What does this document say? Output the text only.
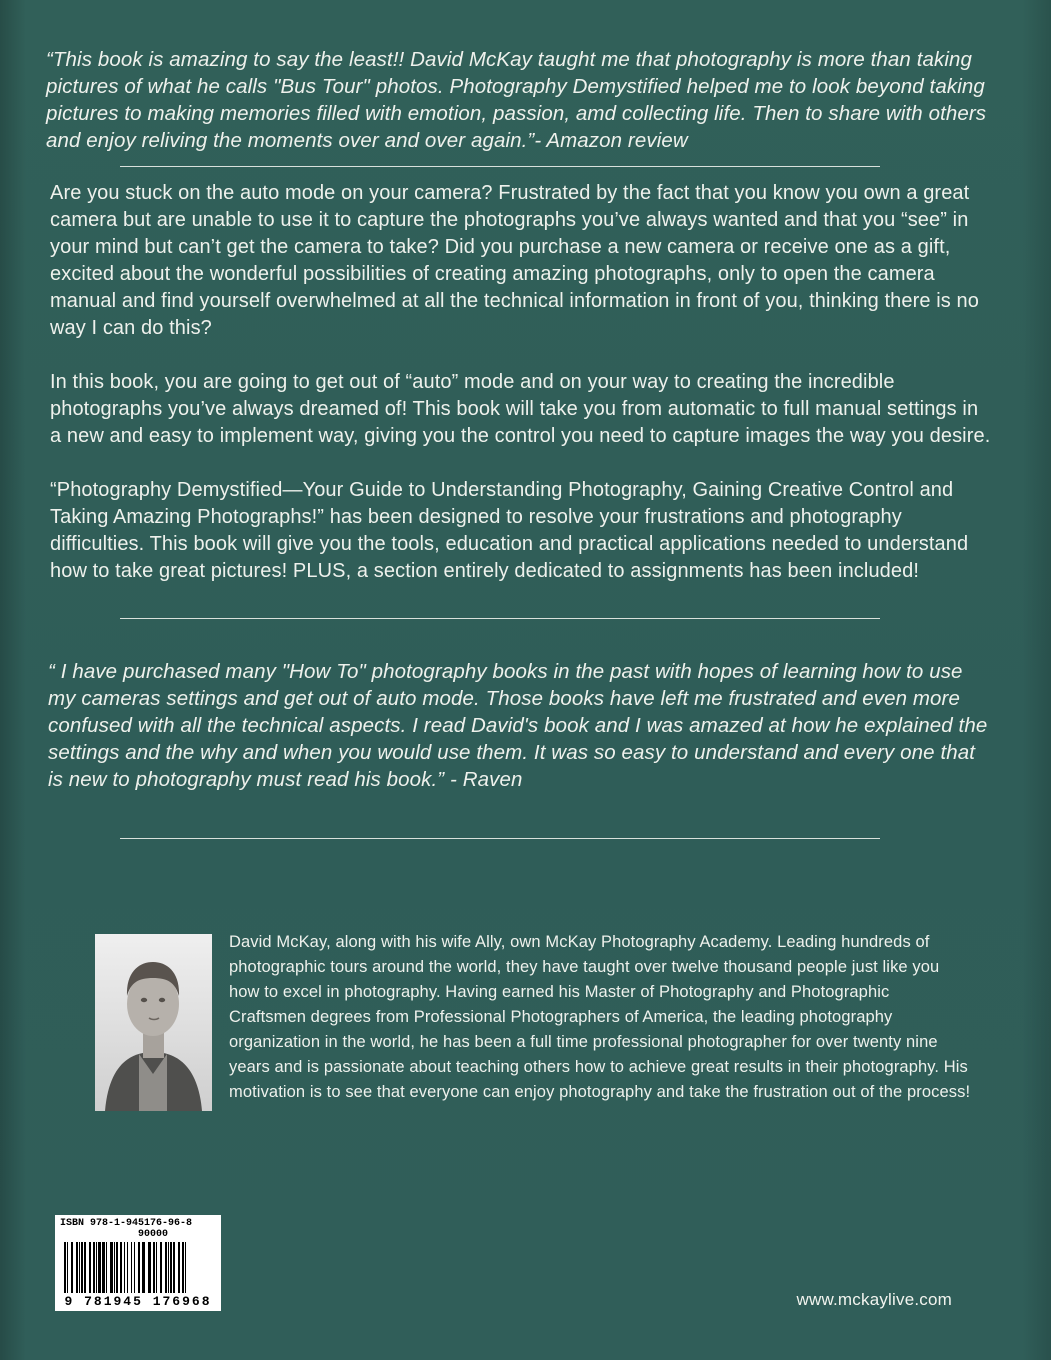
“This book is amazing to say the least!! David McKay taught me that photography is more than taking pictures of what he calls "Bus Tour" photos. Photography Demystified helped me to look beyond taking pictures to making memories filled with emotion, passion, amd collecting life. Then to share with others and enjoy reliving the moments over and over again.”- Amazon review

Are you stuck on the auto mode on your camera? Frustrated by the fact that you know you own a great camera but are unable to use it to capture the photographs you’ve always wanted and that you “see” in your mind but can’t get the camera to take? Did you purchase a new camera or receive one as a gift, excited about the wonderful possibilities of creating amazing photographs, only to open the camera manual and find yourself overwhelmed at all the technical information in front of you, thinking there is no way I can do this?

In this book, you are going to get out of “auto” mode and on your way to creating the incredible photographs you’ve always dreamed of! This book will take you from automatic to full manual settings in a new and easy to implement way, giving you the control you need to capture images the way you desire.

“Photography Demystified—Your Guide to Understanding Photography, Gaining Creative Control and Taking Amazing Photographs!” has been designed to resolve your frustrations and photography difficulties. This book will give you the tools, education and practical applications needed to understand how to take great pictures! PLUS, a section entirely dedicated to assignments has been included!

“ I have purchased many "How To" photography books in the past with hopes of learning how to use my cameras settings and get out of auto mode. Those books have left me frustrated and even more confused with all the technical aspects. I read David's book and I was amazed at how he explained the settings and the why and when you would use them. It was so easy to understand and every one that is new to photography must read his book.” - Raven

David McKay, along with his wife Ally, own McKay Photography Academy. Leading hundreds of photographic tours around the world, they have taught over twelve thousand people just like you how to excel in photography. Having earned his Master of Photography and Photographic Craftsmen degrees from Professional Photographers of America, the leading photography organization in the world, he has been a full time professional photographer for over twenty nine years and is passionate about teaching others how to achieve great results in their photography. His motivation is to see that everyone can enjoy photography and take the frustration out of the process!

ISBN 978-1-945176-96-8
90000
9 781945 176968	www.mckaylive.com
